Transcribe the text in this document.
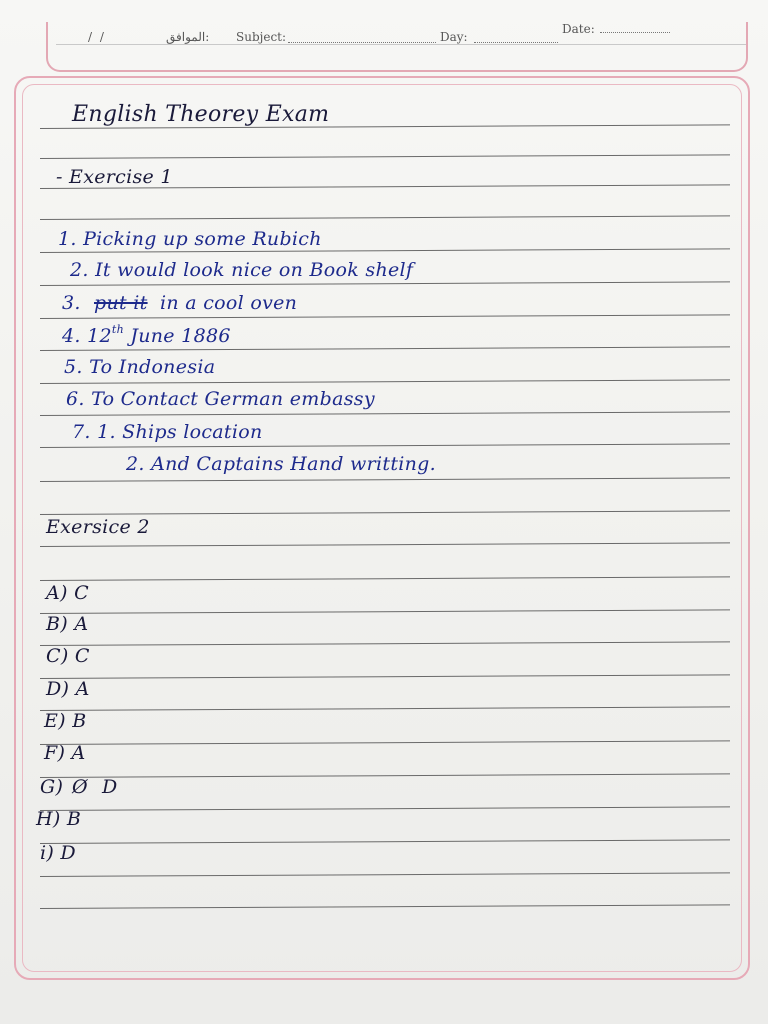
/ /	الموافق: Subject:	Day:
Date:
English Theorey Exam
- Exercise 1
1. Picking up some Rubich
2. It would look nice on Book shelf
3. put it in a cool oven
4. 12th June 1886
5. To Indonesia
6. To Contact German embassy
7. 1. Ships location
2. And Captains Hand writting.
Exersice 2
A) C
B) A
C) C
D) A
E) B
F) A
G) Ø D
H) B
i) D
